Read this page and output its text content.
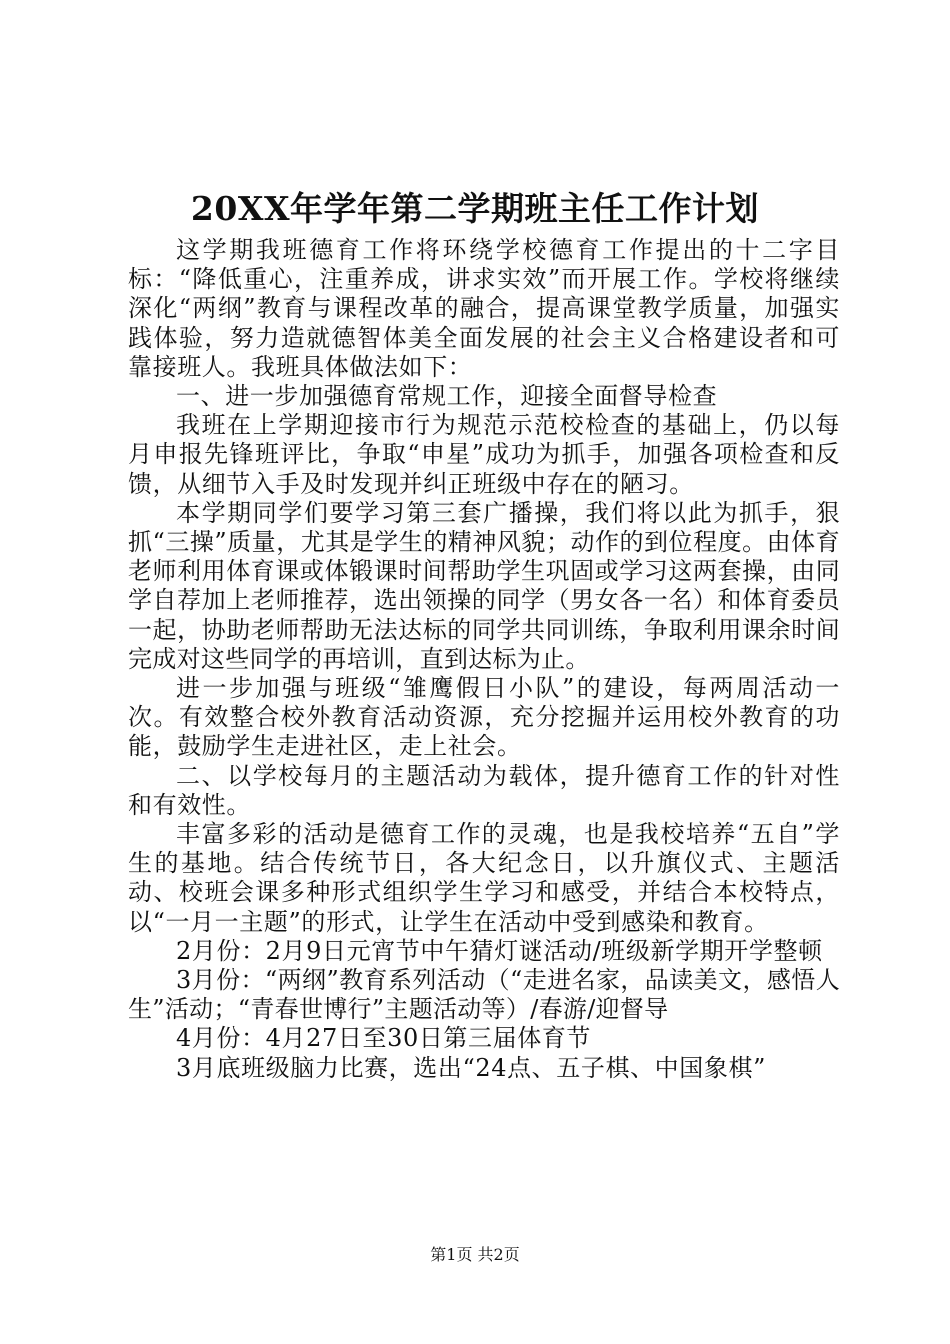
20XX年学年第二学期班主任工作计划

这学期我班德育工作将环绕学校德育工作提出的十二字目标：“降低重心，注重养成，讲求实效”而开展工作。学校将继续深化“两纲”教育与课程改革的融合，提高课堂教学质量，加强实践体验，努力造就德智体美全面发展的社会主义合格建设者和可靠接班人。我班具体做法如下：

一、进一步加强德育常规工作，迎接全面督导检查

我班在上学期迎接市行为规范示范校检查的基础上，仍以每月申报先锋班评比，争取“申星”成功为抓手，加强各项检查和反馈，从细节入手及时发现并纠正班级中存在的陋习。

本学期同学们要学习第三套广播操，我们将以此为抓手，狠抓“三操”质量，尤其是学生的精神风貌；动作的到位程度。由体育老师利用体育课或体锻课时间帮助学生巩固或学习这两套操，由同学自荐加上老师推荐，选出领操的同学（男女各一名）和体育委员一起，协助老师帮助无法达标的同学共同训练，争取利用课余时间完成对这些同学的再培训，直到达标为止。

进一步加强与班级“雏鹰假日小队”的建设，每两周活动一次。有效整合校外教育活动资源，充分挖掘并运用校外教育的功能，鼓励学生走进社区，走上社会。

二、以学校每月的主题活动为载体，提升德育工作的针对性和有效性。

丰富多彩的活动是德育工作的灵魂，也是我校培养“五自”学生的基地。结合传统节日，各大纪念日，以升旗仪式、主题活动、校班会课多种形式组织学生学习和感受，并结合本校特点，以“一月一主题”的形式，让学生在活动中受到感染和教育。

2月份：2月9日元宵节中午猜灯谜活动/班级新学期开学整顿

3月份：“两纲”教育系列活动（“走进名家，品读美文，感悟人生”活动；“青春世博行”主题活动等）/春游/迎督导

4月份：4月27日至30日第三届体育节

3月底班级脑力比赛，选出“24点、五子棋、中国象棋”

第1页 共2页
